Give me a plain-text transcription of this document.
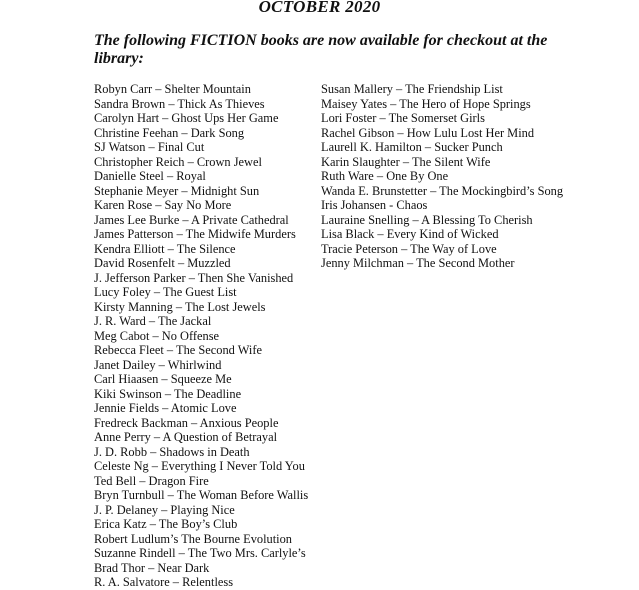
OCTOBER 2020
The following FICTION books are now available for checkout at the library:
Robyn Carr – Shelter Mountain
Sandra Brown – Thick As Thieves
Carolyn Hart – Ghost Ups Her Game
Christine Feehan – Dark Song
SJ Watson – Final Cut
Christopher Reich – Crown Jewel
Danielle Steel – Royal
Stephanie Meyer – Midnight Sun
Karen Rose – Say No More
James Lee Burke – A Private Cathedral
James Patterson – The Midwife Murders
Kendra Elliott – The Silence
David Rosenfelt – Muzzled
J. Jefferson Parker – Then She Vanished
Lucy Foley – The Guest List
Kirsty Manning – The Lost Jewels
J. R. Ward – The Jackal
Meg Cabot – No Offense
Rebecca Fleet – The Second Wife
Janet Dailey – Whirlwind
Carl Hiaasen – Squeeze Me
Kiki Swinson – The Deadline
Jennie Fields – Atomic Love
Fredreck Backman – Anxious People
Anne Perry – A Question of Betrayal
J. D. Robb – Shadows in Death
Celeste Ng – Everything I Never Told You
Ted Bell – Dragon Fire
Bryn Turnbull – The Woman Before Wallis
J. P. Delaney – Playing Nice
Erica Katz – The Boy’s Club
Robert Ludlum’s The Bourne Evolution
Suzanne Rindell – The Two Mrs. Carlyle’s
Brad Thor – Near Dark
R. A. Salvatore – Relentless
Susan Mallery – The Friendship List
Maisey Yates – The Hero of Hope Springs
Lori Foster – The Somerset Girls
Rachel Gibson – How Lulu Lost Her Mind
Laurell K. Hamilton – Sucker Punch
Karin Slaughter – The Silent Wife
Ruth Ware – One By One
Wanda E. Brunstetter – The Mockingbird’s Song
Iris Johansen - Chaos
Lauraine Snelling – A Blessing To Cherish
Lisa Black – Every Kind of Wicked
Tracie Peterson – The Way of Love
Jenny Milchman – The Second Mother
